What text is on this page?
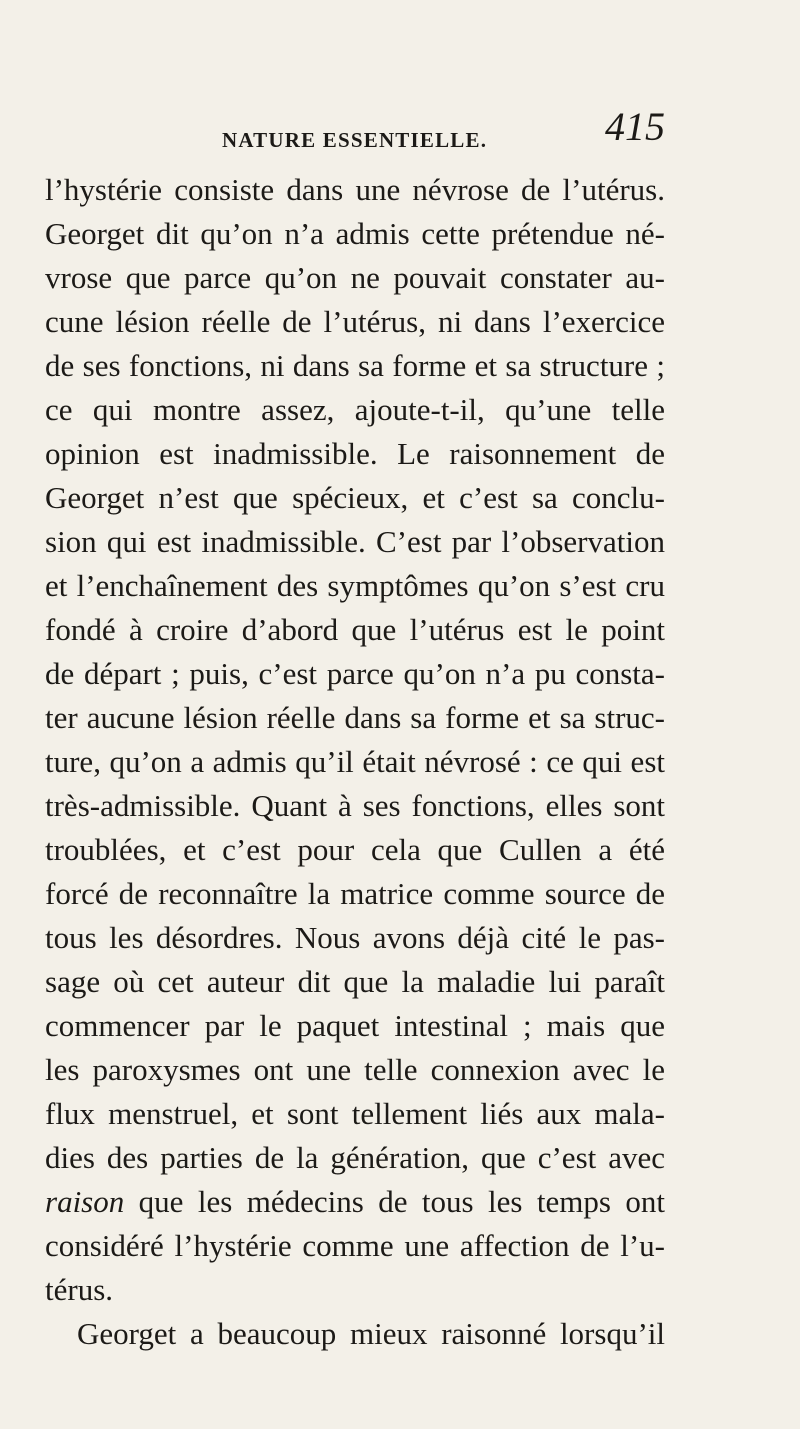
NATURE ESSENTIELLE.	415
l’hystérie consiste dans une névrose de l’utérus.
Georget dit qu’on n’a admis cette prétendue né-
vrose que parce qu’on ne pouvait constater au-
cune lésion réelle de l’utérus, ni dans l’exercice
de ses fonctions, ni dans sa forme et sa structure ;
ce qui montre assez, ajoute-t-il, qu’une telle
opinion est inadmissible. Le raisonnement de
Georget n’est que spécieux, et c’est sa conclu-
sion qui est inadmissible. C’est par l’observation
et l’enchaînement des symptômes qu’on s’est cru
fondé à croire d’abord que l’utérus est le point
de départ ; puis, c’est parce qu’on n’a pu consta-
ter aucune lésion réelle dans sa forme et sa struc-
ture, qu’on a admis qu’il était névrosé : ce qui est
très-admissible. Quant à ses fonctions, elles sont
troublées, et c’est pour cela que Cullen a été
forcé de reconnaître la matrice comme source de
tous les désordres. Nous avons déjà cité le pas-
sage où cet auteur dit que la maladie lui paraît
commencer par le paquet intestinal ; mais que
les paroxysmes ont une telle connexion avec le
flux menstruel, et sont tellement liés aux mala-
dies des parties de la génération, que c’est avec
raison que les médecins de tous les temps ont
considéré l’hystérie comme une affection de l’u-
térus.
Georget a beaucoup mieux raisonné lorsqu’il
